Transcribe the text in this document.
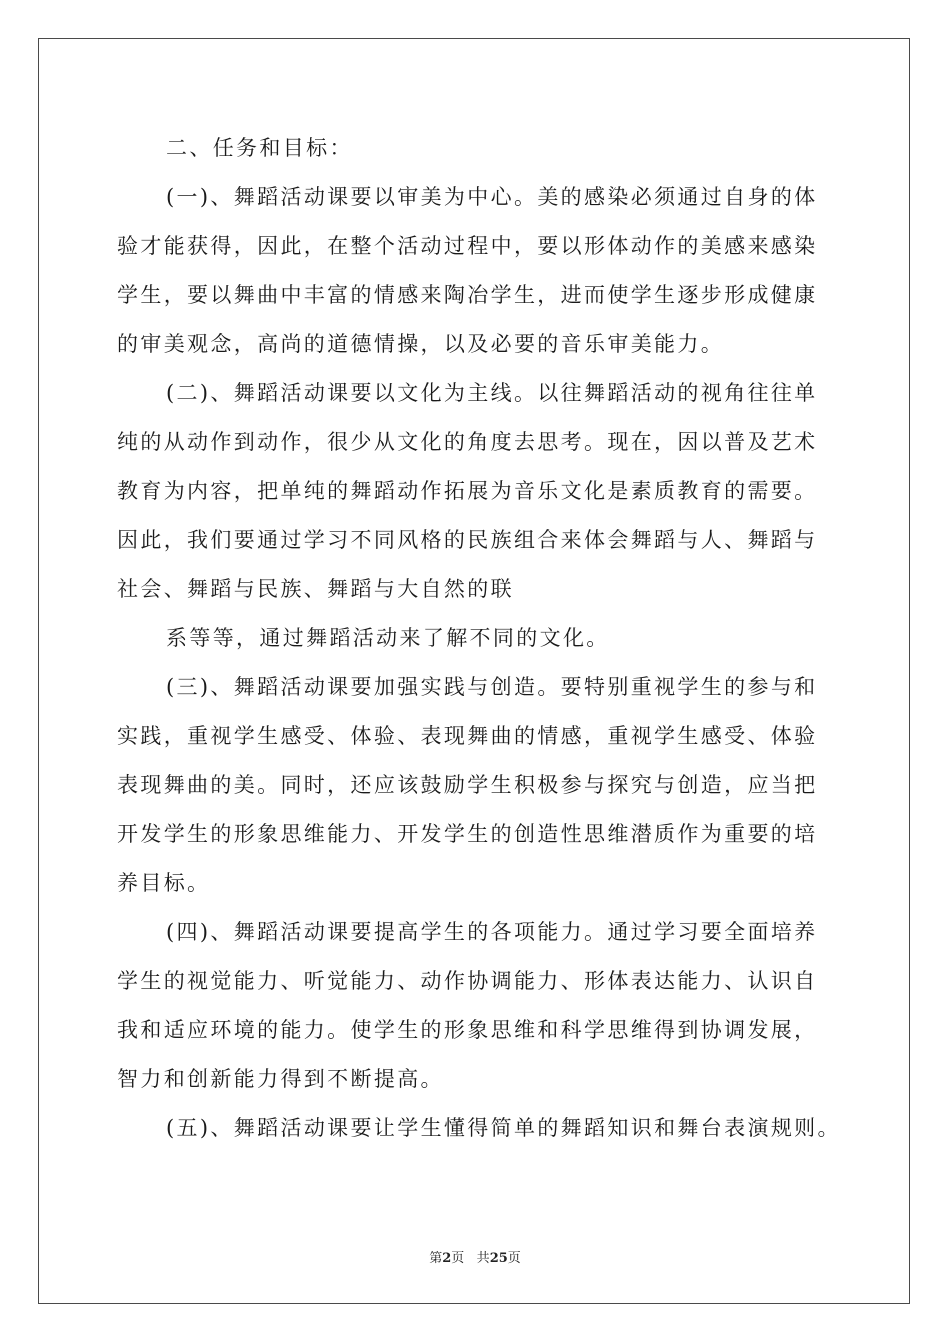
二、任务和目标：

(一)、舞蹈活动课要以审美为中心。美的感染必须通过自身的体
验才能获得，因此，在整个活动过程中，要以形体动作的美感来感染
学生，要以舞曲中丰富的情感来陶冶学生，进而使学生逐步形成健康
的审美观念，高尚的道德情操，以及必要的音乐审美能力。

(二)、舞蹈活动课要以文化为主线。以往舞蹈活动的视角往往单
纯的从动作到动作，很少从文化的角度去思考。现在，因以普及艺术
教育为内容，把单纯的舞蹈动作拓展为音乐文化是素质教育的需要。
因此，我们要通过学习不同风格的民族组合来体会舞蹈与人、舞蹈与
社会、舞蹈与民族、舞蹈与大自然的联

系等等，通过舞蹈活动来了解不同的文化。

(三)、舞蹈活动课要加强实践与创造。要特别重视学生的参与和
实践，重视学生感受、体验、表现舞曲的情感，重视学生感受、体验
表现舞曲的美。同时，还应该鼓励学生积极参与探究与创造，应当把
开发学生的形象思维能力、开发学生的创造性思维潜质作为重要的培
养目标。

(四)、舞蹈活动课要提高学生的各项能力。通过学习要全面培养
学生的视觉能力、听觉能力、动作协调能力、形体表达能力、认识自
我和适应环境的能力。使学生的形象思维和科学思维得到协调发展，
智力和创新能力得到不断提高。

(五)、舞蹈活动课要让学生懂得简单的舞蹈知识和舞台表演规则。

第2页 共25页
